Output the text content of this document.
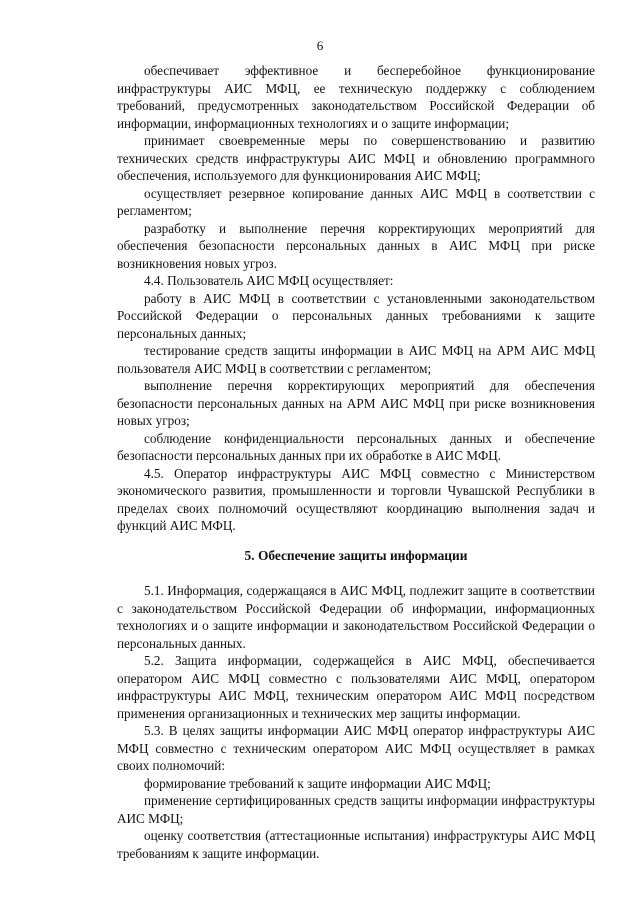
6

обеспечивает эффективное и бесперебойное функционирование инфраструктуры АИС МФЦ, ее техническую поддержку с соблюдением требований, предусмотренных законодательством Российской Федерации об информации, информационных технологиях и о защите информации;

принимает своевременные меры по совершенствованию и развитию технических средств инфраструктуры АИС МФЦ и обновлению программного обеспечения, используемого для функционирования АИС МФЦ;

осуществляет резервное копирование данных АИС МФЦ в соответствии с регламентом;

разработку и выполнение перечня корректирующих мероприятий для обеспечения безопасности персональных данных в АИС МФЦ при риске возникновения новых угроз.

4.4. Пользователь АИС МФЦ осуществляет:

работу в АИС МФЦ в соответствии с установленными законодательством Российской Федерации о персональных данных требованиями к защите персональных данных;

тестирование средств защиты информации в АИС МФЦ на АРМ АИС МФЦ пользователя АИС МФЦ в соответствии с регламентом;

выполнение перечня корректирующих мероприятий для обеспечения безопасности персональных данных на АРМ АИС МФЦ при риске возникновения новых угроз;

соблюдение конфиденциальности персональных данных и обеспечение безопасности персональных данных при их обработке в АИС МФЦ.

4.5. Оператор инфраструктуры АИС МФЦ совместно с Министерством экономического развития, промышленности и торговли Чувашской Республики в пределах своих полномочий осуществляют координацию выполнения задач и функций АИС МФЦ.

5. Обеспечение защиты информации

5.1. Информация, содержащаяся в АИС МФЦ, подлежит защите в соответствии с законодательством Российской Федерации об информации, информационных технологиях и о защите информации и законодательством Российской Федерации о персональных данных.

5.2. Защита информации, содержащейся в АИС МФЦ, обеспечивается оператором АИС МФЦ совместно с пользователями АИС МФЦ, оператором инфраструктуры АИС МФЦ, техническим оператором АИС МФЦ посредством применения организационных и технических мер защиты информации.

5.3. В целях защиты информации АИС МФЦ оператор инфраструктуры АИС МФЦ совместно с техническим оператором АИС МФЦ осуществляет в рамках своих полномочий:

формирование требований к защите информации АИС МФЦ;

применение сертифицированных средств защиты информации инфраструктуры АИС МФЦ;

оценку соответствия (аттестационные испытания) инфраструктуры АИС МФЦ требованиям к защите информации.
